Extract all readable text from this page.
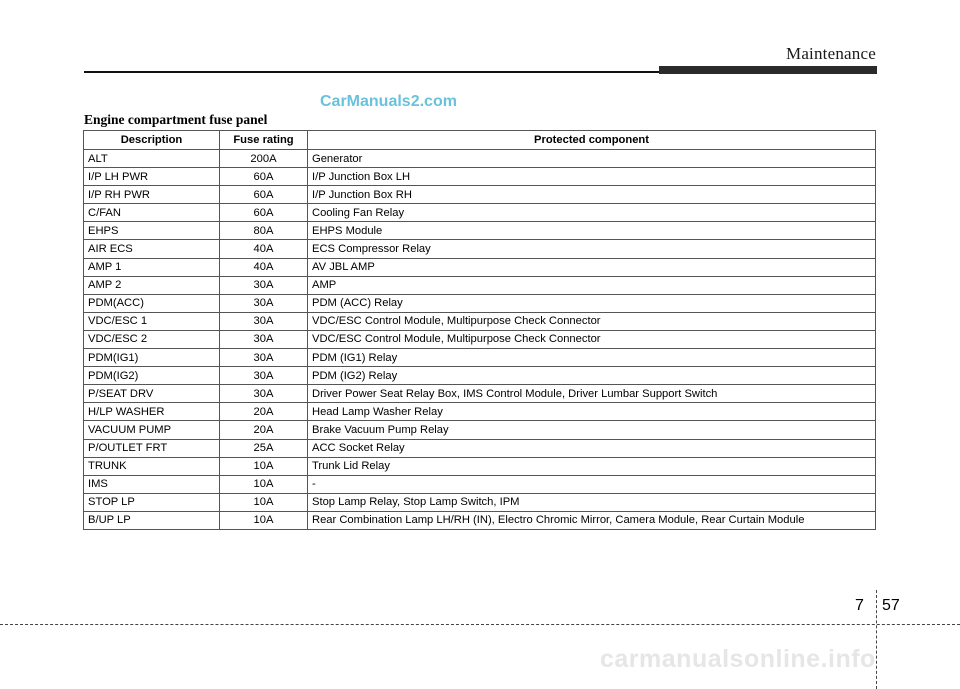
Maintenance
CarManuals2.com
Engine compartment fuse panel
Description	Fuse rating	Protected component
ALT	200A	Generator
I/P LH PWR	60A	I/P Junction Box LH
I/P RH PWR	60A	I/P Junction Box RH
C/FAN	60A	Cooling Fan Relay
EHPS	80A	EHPS Module
AIR ECS	40A	ECS Compressor Relay
AMP 1	40A	AV JBL AMP
AMP 2	30A	AMP
PDM(ACC)	30A	PDM (ACC) Relay
VDC/ESC 1	30A	VDC/ESC Control Module, Multipurpose Check Connector
VDC/ESC 2	30A	VDC/ESC Control Module, Multipurpose Check Connector
PDM(IG1)	30A	PDM (IG1) Relay
PDM(IG2)	30A	PDM (IG2) Relay
P/SEAT DRV	30A	Driver Power Seat Relay Box, IMS Control Module, Driver Lumbar Support Switch
H/LP WASHER	20A	Head Lamp Washer Relay
VACUUM PUMP	20A	Brake Vacuum Pump Relay
P/OUTLET FRT	25A	ACC Socket Relay
TRUNK	10A	Trunk Lid Relay
IMS	10A	-
STOP LP	10A	Stop Lamp Relay, Stop Lamp Switch, IPM
B/UP LP	10A	Rear Combination Lamp LH/RH (IN), Electro Chromic Mirror, Camera Module, Rear Curtain Module
7 57
carmanualsonline.info
